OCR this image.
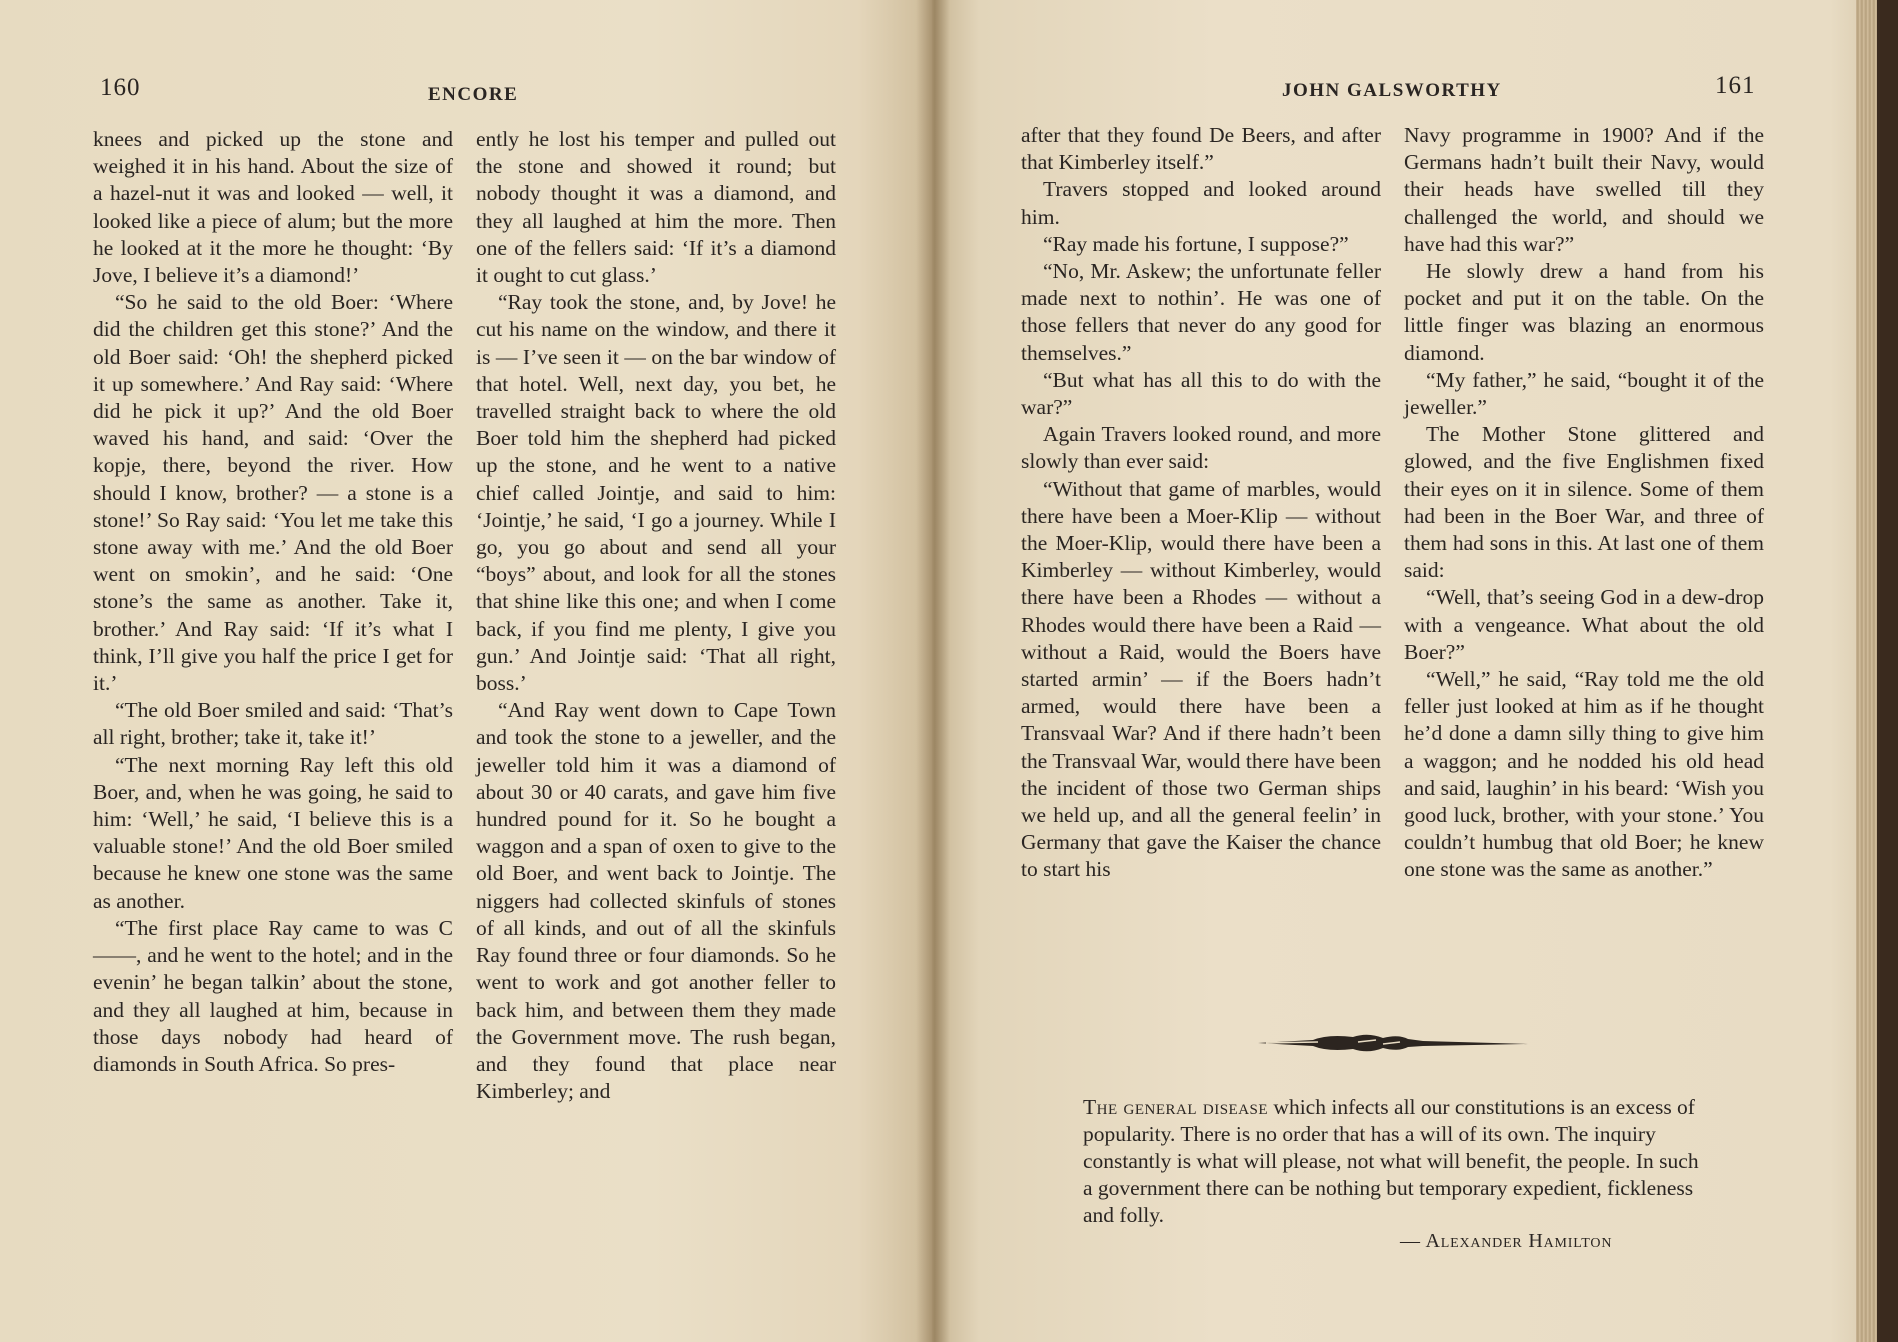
160	ENCORE

knees and picked up the stone and weighed it in his hand. About the size of a hazel-nut it was and looked — well, it looked like a piece of alum; but the more he looked at it the more he thought: ‘By Jove, I believe it’s a diamond!’

“So he said to the old Boer: ‘Where did the children get this stone?’ And the old Boer said: ‘Oh! the shepherd picked it up somewhere.’ And Ray said: ‘Where did he pick it up?’ And the old Boer waved his hand, and said: ‘Over the kopje, there, beyond the river. How should I know, brother? — a stone is a stone!’ So Ray said: ‘You let me take this stone away with me.’ And the old Boer went on smokin’, and he said: ‘One stone’s the same as another. Take it, brother.’ And Ray said: ‘If it’s what I think, I’ll give you half the price I get for it.’

“The old Boer smiled and said: ‘That’s all right, brother; take it, take it!’

“The next morning Ray left this old Boer, and, when he was going, he said to him: ‘Well,’ he said, ‘I believe this is a valuable stone!’ And the old Boer smiled because he knew one stone was the same as another.

“The first place Ray came to was C——, and he went to the hotel; and in the evenin’ he began talkin’ about the stone, and they all laughed at him, because in those days nobody had heard of diamonds in South Africa. So pres-

ently he lost his temper and pulled out the stone and showed it round; but nobody thought it was a diamond, and they all laughed at him the more. Then one of the fellers said: ‘If it’s a diamond it ought to cut glass.’

“Ray took the stone, and, by Jove! he cut his name on the window, and there it is — I’ve seen it — on the bar window of that hotel. Well, next day, you bet, he travelled straight back to where the old Boer told him the shepherd had picked up the stone, and he went to a native chief called Jointje, and said to him: ‘Jointje,’ he said, ‘I go a journey. While I go, you go about and send all your “boys” about, and look for all the stones that shine like this one; and when I come back, if you find me plenty, I give you gun.’ And Jointje said: ‘That all right, boss.’

“And Ray went down to Cape Town and took the stone to a jeweller, and the jeweller told him it was a diamond of about 30 or 40 carats, and gave him five hundred pound for it. So he bought a waggon and a span of oxen to give to the old Boer, and went back to Jointje. The niggers had collected skinfuls of stones of all kinds, and out of all the skinfuls Ray found three or four diamonds. So he went to work and got another feller to back him, and between them they made the Government move. The rush began, and they found that place near Kimberley; and

JOHN GALSWORTHY	161

after that they found De Beers, and after that Kimberley itself.”

Travers stopped and looked around him.

“Ray made his fortune, I suppose?”

“No, Mr. Askew; the unfortunate feller made next to nothin’. He was one of those fellers that never do any good for themselves.”

“But what has all this to do with the war?”

Again Travers looked round, and more slowly than ever said:

“Without that game of marbles, would there have been a Moer-Klip — without the Moer-Klip, would there have been a Kimberley — without Kimberley, would there have been a Rhodes — without a Rhodes would there have been a Raid — without a Raid, would the Boers have started armin’ — if the Boers hadn’t armed, would there have been a Transvaal War? And if there hadn’t been the Transvaal War, would there have been the incident of those two German ships we held up, and all the general feelin’ in Germany that gave the Kaiser the chance to start his

Navy programme in 1900? And if the Germans hadn’t built their Navy, would their heads have swelled till they challenged the world, and should we have had this war?”

He slowly drew a hand from his pocket and put it on the table. On the little finger was blazing an enormous diamond.

“My father,” he said, “bought it of the jeweller.”

The Mother Stone glittered and glowed, and the five Englishmen fixed their eyes on it in silence. Some of them had been in the Boer War, and three of them had sons in this. At last one of them said:

“Well, that’s seeing God in a dew-drop with a vengeance. What about the old Boer?”

“Well,” he said, “Ray told me the old feller just looked at him as if he thought he’d done a damn silly thing to give him a waggon; and he nodded his old head and said, laughin’ in his beard: ‘Wish you good luck, brother, with your stone.’ You couldn’t humbug that old Boer; he knew one stone was the same as another.”

The general disease which infects all our constitutions is an excess of popularity. There is no order that has a will of its own. The inquiry constantly is what will please, not what will benefit, the people. In such a government there can be nothing but temporary expedient, fickleness and folly.
— Alexander Hamilton
